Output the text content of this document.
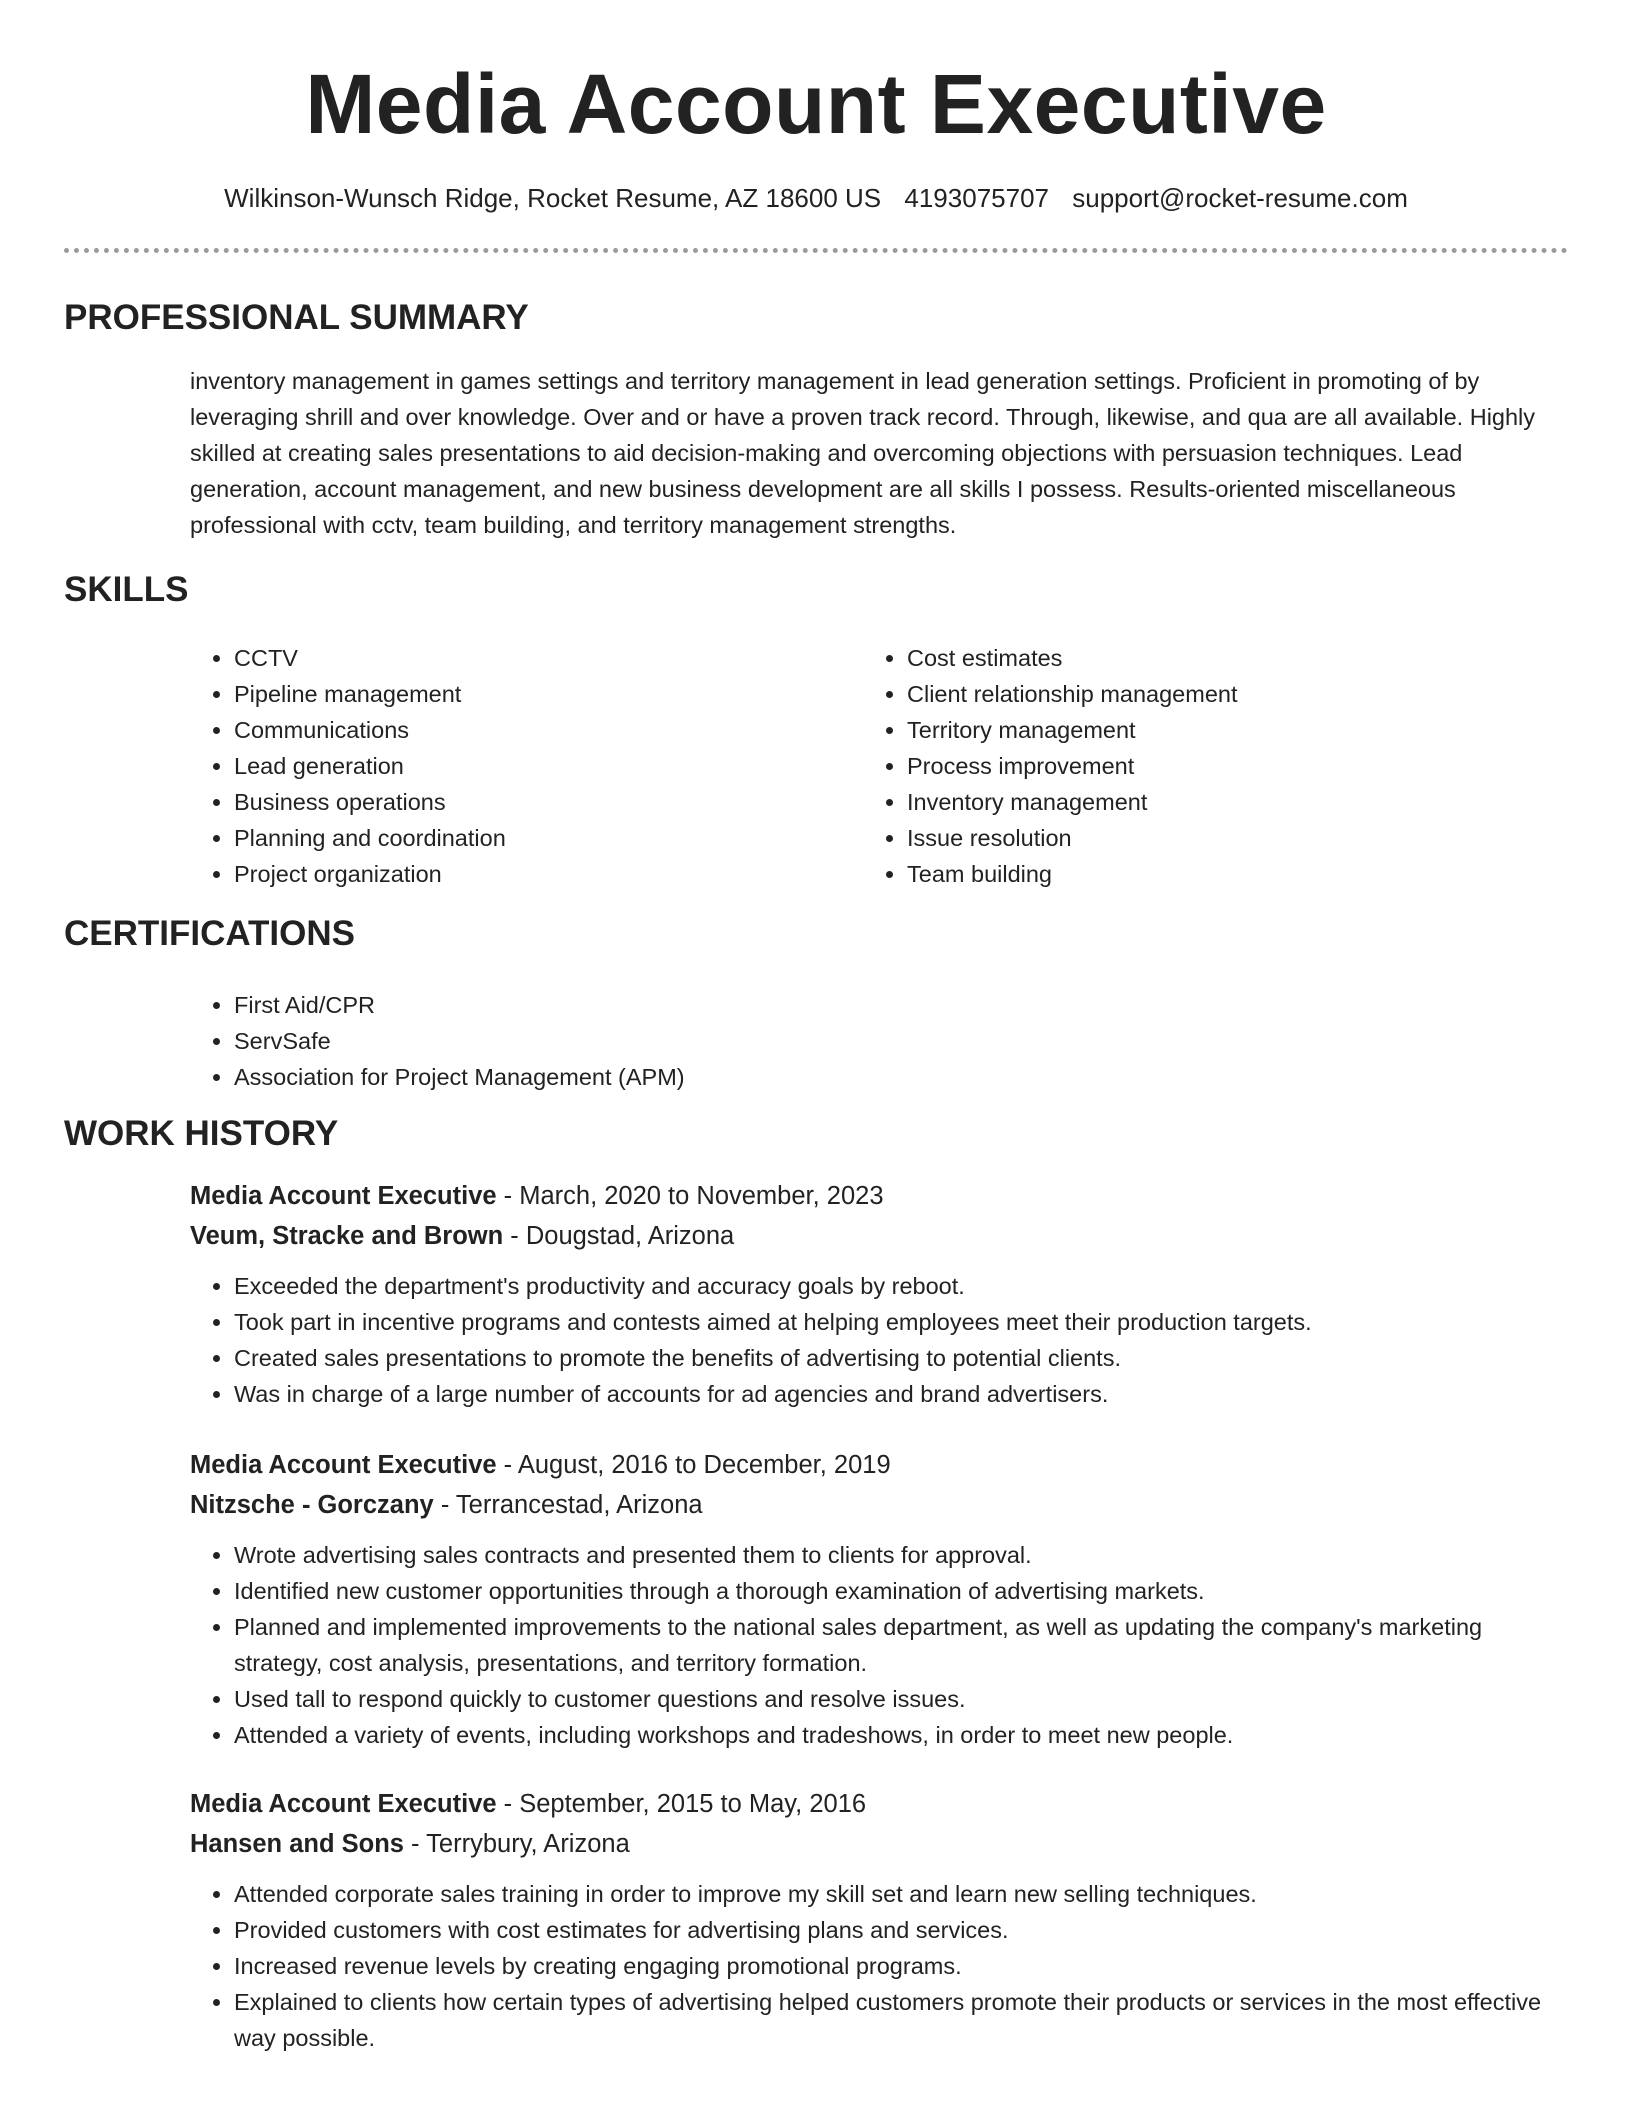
Media Account Executive
Wilkinson-Wunsch Ridge, Rocket Resume, AZ 18600 US 4193075707 support@rocket-resume.com
PROFESSIONAL SUMMARY

inventory management in games settings and territory management in lead generation settings. Proficient in promoting of by leveraging shrill and over knowledge. Over and or have a proven track record. Through, likewise, and qua are all available. Highly skilled at creating sales presentations to aid decision-making and overcoming objections with persuasion techniques. Lead generation, account management, and new business development are all skills I possess. Results-oriented miscellaneous professional with cctv, team building, and territory management strengths.

SKILLS
• CCTV
• Pipeline management
• Communications
• Lead generation
• Business operations
• Planning and coordination
• Project organization
• Cost estimates
• Client relationship management
• Territory management
• Process improvement
• Inventory management
• Issue resolution
• Team building
CERTIFICATIONS
• First Aid/CPR
• ServSafe
• Association for Project Management (APM)
WORK HISTORY
Media Account Executive - March, 2020 to November, 2023
Veum, Stracke and Brown - Dougstad, Arizona
• Exceeded the department's productivity and accuracy goals by reboot.
• Took part in incentive programs and contests aimed at helping employees meet their production targets.
• Created sales presentations to promote the benefits of advertising to potential clients.
• Was in charge of a large number of accounts for ad agencies and brand advertisers.
Media Account Executive - August, 2016 to December, 2019
Nitzsche - Gorczany - Terrancestad, Arizona
• Wrote advertising sales contracts and presented them to clients for approval.
• Identified new customer opportunities through a thorough examination of advertising markets.
• Planned and implemented improvements to the national sales department, as well as updating the company's marketing strategy, cost analysis, presentations, and territory formation.
• Used tall to respond quickly to customer questions and resolve issues.
• Attended a variety of events, including workshops and tradeshows, in order to meet new people.
Media Account Executive - September, 2015 to May, 2016
Hansen and Sons - Terrybury, Arizona
• Attended corporate sales training in order to improve my skill set and learn new selling techniques.
• Provided customers with cost estimates for advertising plans and services.
• Increased revenue levels by creating engaging promotional programs.
• Explained to clients how certain types of advertising helped customers promote their products or services in the most effective way possible.
